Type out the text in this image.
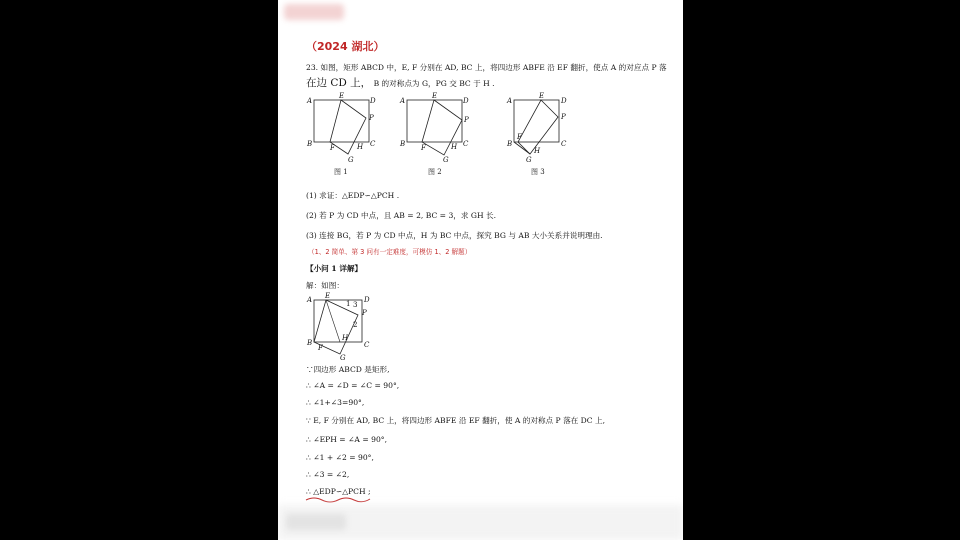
（2024 湖北）
23. 如图，矩形 ABCD 中，E, F 分别在 AD, BC 上，将四边形 ABFE 沿 EF 翻折，使点 A 的对应点 P 落
在边 CD 上， B 的对称点为 G，PG 交 BC 于 H .
A	D
B	C
E
P
F	H
G
A	D
B	C
E
P
F	H
G
A	D
B	C
E
P
F
H
G
图 1	图 2	图 3
(1) 求证：△EDP∽△PCH .
(2) 若 P 为 CD 中点，且 AB = 2, BC = 3，求 GH 长.
(3) 连接 BG，若 P 为 CD 中点，H 为 BC 中点，探究 BG 与 AB 大小关系并说明理由.
（1、2 简单、第 3 问有一定难度，可模仿 1、2 解题）
【小问 1 详解】
解：如图：
A	D
B	C
E
P
F
H
G
1 3
2
∵四边形 ABCD 是矩形,
∴ ∠A = ∠D = ∠C = 90°,
∴ ∠1+∠3=90°,
∵ E, F 分别在 AD, BC 上，将四边形 ABFE 沿 EF 翻折，使 A 的对称点 P 落在 DC 上,
∴ ∠EPH = ∠A = 90°,
∴ ∠1 + ∠2 = 90°,
∴ ∠3 = ∠2,
∴ △EDP∽△PCH ;
